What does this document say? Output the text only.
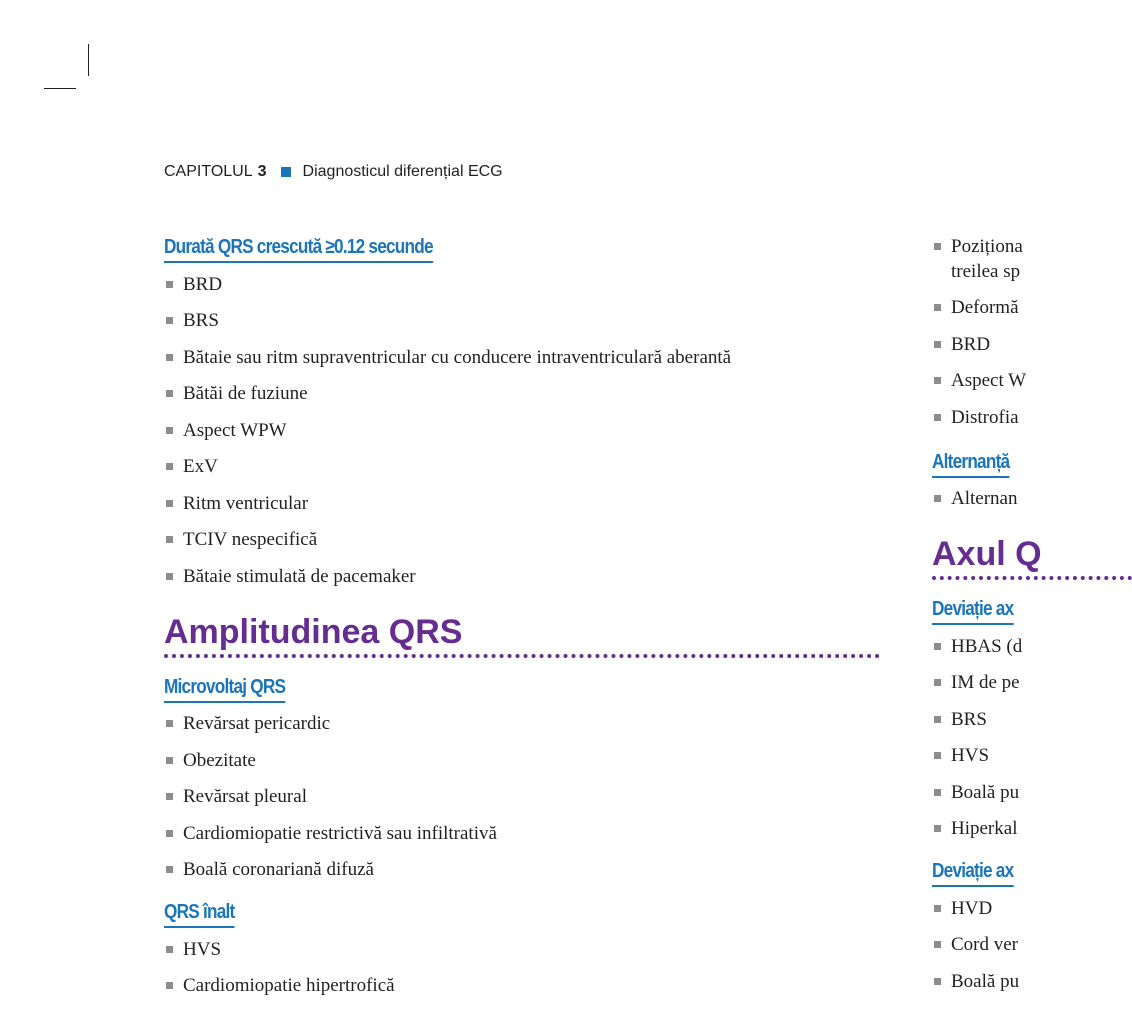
CAPITOLUL 3 Diagnosticul diferențial ECG
Durată QRS crescută ≥0.12 secunde
BRD
BRS
Bătaie sau ritm supraventricular cu conducere intraventriculară aberantă
Bătăi de fuziune
Aspect WPW
ExV
Ritm ventricular
TCIV nespecifică
Bătaie stimulată de pacemaker
Amplitudinea QRS
Microvoltaj QRS
Revărsat pericardic
Obezitate
Revărsat pleural
Cardiomiopatie restrictivă sau infiltrativă
Boală coronariană difuză
QRS înalt
HVS
Cardiomiopatie hipertrofică
Poziționa
treilea sp
Deformă
BRD
Aspect W
Distrofia
Alternanță
Alternan
Axul Q
Deviație ax
HBAS (d
IM de pe
BRS
HVS
Boală pu
Hiperkal
Deviație ax
HVD
Cord ver
Boală pu
